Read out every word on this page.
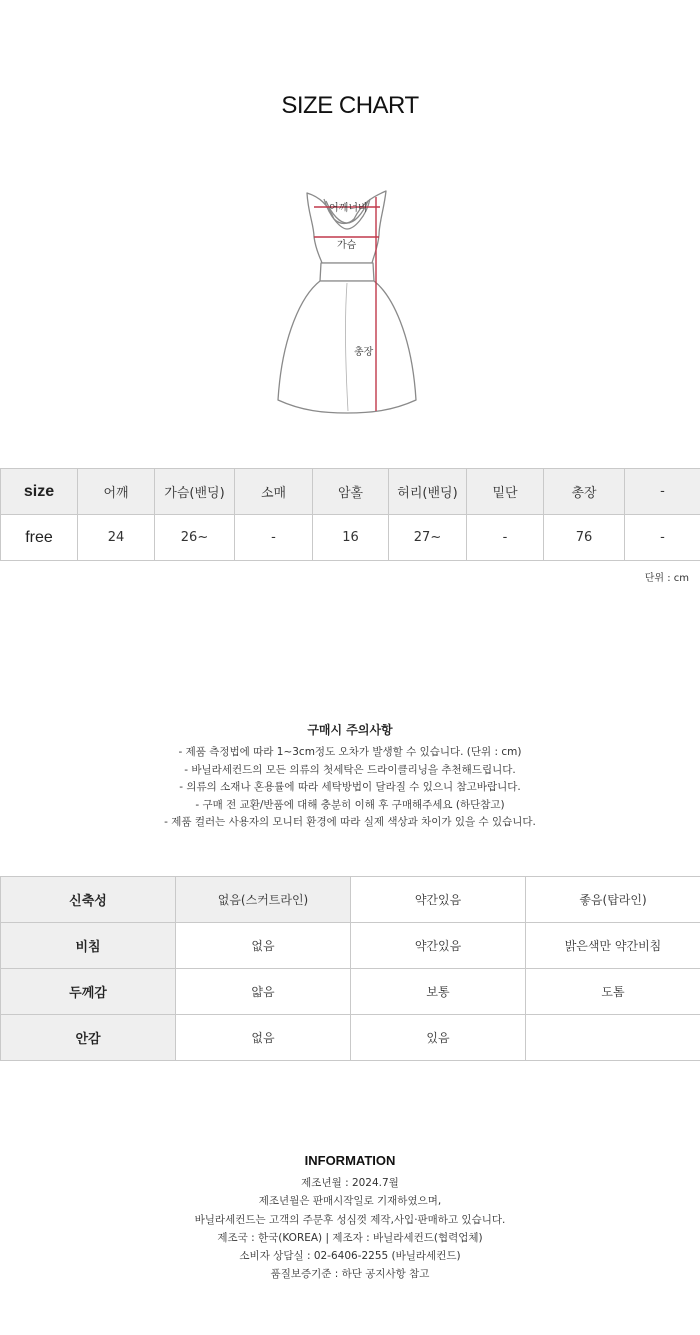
SIZE CHART
어깨너비
가슴
총장
size	어깨	가슴(밴딩)	소매	암홀	허리(밴딩)	밑단	총장	-
free	24	26~	-	16	27~	-	76	-
단위 : cm
구매시 주의사항
- 제품 측정법에 따라 1~3cm정도 오차가 발생할 수 있습니다. (단위 : cm)
- 바닐라세컨드의 모든 의류의 첫세탁은 드라이클리닝을 추천해드립니다.
- 의류의 소재나 혼용률에 따라 세탁방법이 달라질 수 있으니 참고바랍니다.
- 구매 전 교환/반품에 대해 충분히 이해 후 구매해주세요 (하단참고)
- 제품 컬러는 사용자의 모니터 환경에 따라 실제 색상과 차이가 있을 수 있습니다.
신축성	없음(스커트라인)	약간있음	좋음(탑라인)
비침	없음	약간있음	밝은색만 약간비침
두께감	얇음	보통	도톰
안감	없음	있음	
INFORMATION
제조년월 : 2024.7월
제조년월은 판매시작일로 기재하였으며,
바닐라세컨드는 고객의 주문후 성심껏 제작,사입·판매하고 있습니다.
제조국 : 한국(KOREA) | 제조자 : 바닐라세컨드(협력업체)
소비자 상담실 : 02-6406-2255 (바닐라세컨드)
품질보증기준 : 하단 공지사항 참고
